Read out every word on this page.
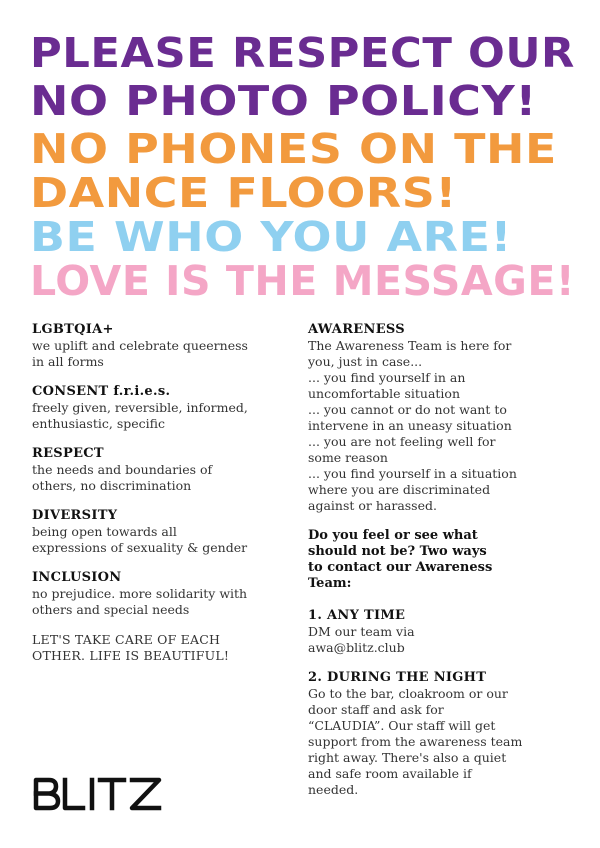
PLEASE RESPECT OUR
NO PHOTO POLICY!
NO PHONES ON THE
DANCE FLOORS!
BE WHO YOU ARE!
LOVE IS THE MESSAGE!
LGBTQIA+
we uplift and celebrate queerness
in all forms
CONSENT f.r.i.e.s.
freely given, reversible, informed,
enthusiastic, specific
RESPECT
the needs and boundaries of
others, no discrimination
DIVERSITY
being open towards all
expressions of sexuality & gender
INCLUSION
no prejudice. more solidarity with
others and special needs
LET'S TAKE CARE OF EACH
OTHER. LIFE IS BEAUTIFUL!
AWARENESS
The Awareness Team is here for
you, just in case...
... you find yourself in an
uncomfortable situation
... you cannot or do not want to
intervene in an uneasy situation
... you are not feeling well for
some reason
... you find yourself in a situation
where you are discriminated
against or harassed.
Do you feel or see what
should not be? Two ways
to contact our Awareness
Team:
1. ANY TIME
DM our team via
awa@blitz.club
2. DURING THE NIGHT
Go to the bar, cloakroom or our
door staff and ask for
“CLAUDIA”. Our staff will get
support from the awareness team
right away. There's also a quiet
and safe room available if
needed.
